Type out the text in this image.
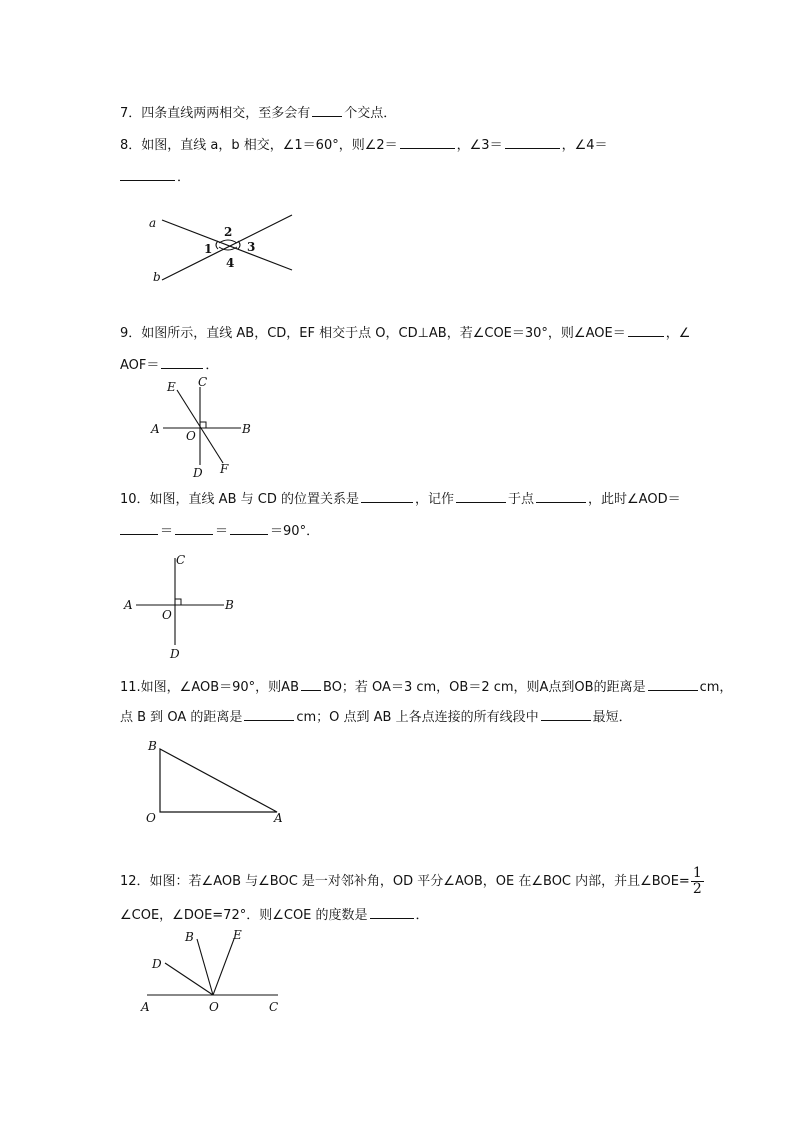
7．四条直线两两相交，至多会有	个交点．
8．如图，直线 a，b 相交，∠1＝60°，则∠2＝	，∠3＝	，∠4＝
．
a
b
2
1	3
4
9．如图所示，直线 AB，CD，EF 相交于点 O，CD⊥AB，若∠COE＝30°，则∠AOE＝	，∠
AOF＝	．
E C
A O	B
D F
10．如图，直线 AB 与 CD 的位置关系是	，记作	于点	，此时∠AOD＝
＝	＝	＝90°．
C
A
O
B
D
11.如图，∠AOB＝90°，则AB BO；若 OA＝3 cm，OB＝2 cm，则A点到OB的距离是	cm，
点 B 到 OA 的距离是	cm；O 点到 AB 上各点连接的所有线段中	最短．
B
O	A
12．如图：若∠AOB 与∠BOC 是一对邻补角，OD 平分∠AOB，OE 在∠BOC 内部，并且∠BOE= $\frac{1}{2}$
∠COE，∠DOE=72°．则∠COE 的度数是	．
B	E
D
A	O	C
